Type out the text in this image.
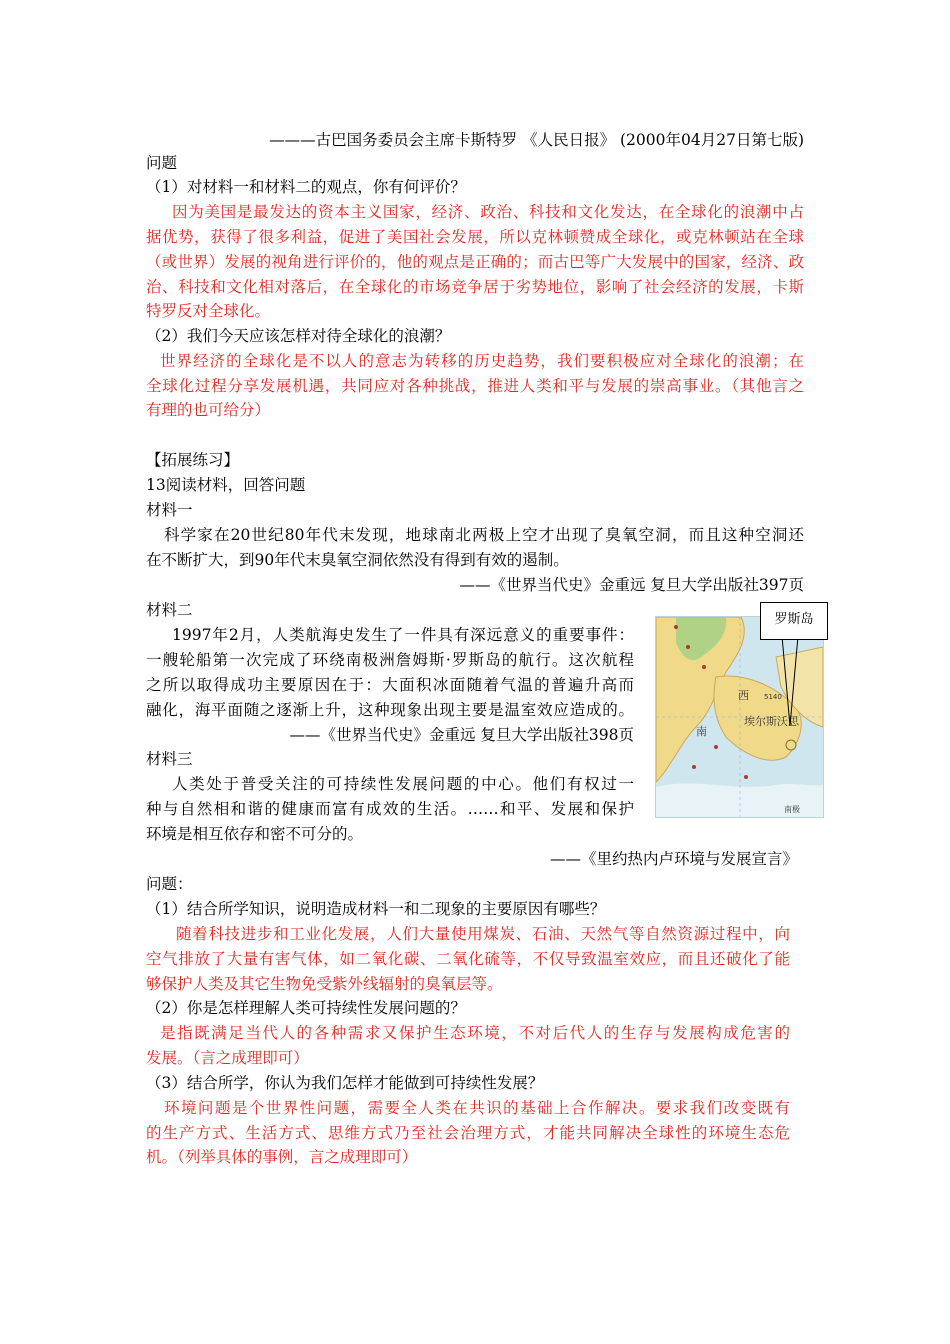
———古巴国务委员会主席卡斯特罗 《人民日报》 (2000年04月27日第七版)
问题
（1）对材料一和材料二的观点，你有何评价？
因为美国是最发达的资本主义国家，经济、政治、科技和文化发达，在全球化的浪潮中占
据优势，获得了很多利益，促进了美国社会发展，所以克林顿赞成全球化，或克林顿站在全球
（或世界）发展的视角进行评价的，他的观点是正确的；而古巴等广大发展中的国家，经济、政
治、科技和文化相对落后，在全球化的市场竞争居于劣势地位，影响了社会经济的发展，卡斯
特罗反对全球化。
（2）我们今天应该怎样对待全球化的浪潮？
世界经济的全球化是不以人的意志为转移的历史趋势，我们要积极应对全球化的浪潮；在
全球化过程分享发展机遇，共同应对各种挑战，推进人类和平与发展的崇高事业。（其他言之
有理的也可给分）
【拓展练习】
13阅读材料，回答问题
材料一
科学家在20世纪80年代末发现，地球南北两极上空才出现了臭氧空洞，而且这种空洞还
在不断扩大，到90年代末臭氧空洞依然没有得到有效的遏制。
——《世界当代史》金重远 复旦大学出版社397页
材料二
1997年2月，人类航海史发生了一件具有深远意义的重要事件：
一艘轮船第一次完成了环绕南极洲詹姆斯·罗斯岛的航行。这次航程
之所以取得成功主要原因在于：大面积冰面随着气温的普遍升高而
融化，海平面随之逐渐上升，这种现象出现主要是温室效应造成的。
——《世界当代史》金重远 复旦大学出版社398页
材料三
人类处于普受关注的可持续性发展问题的中心。他们有权过一
种与自然相和谐的健康而富有成效的生活。……和平、发展和保护
环境是相互依存和密不可分的。
——《里约热内卢环境与发展宣言》
西 5140
埃尔斯沃思
南
南极
罗斯岛
问题：
（1）结合所学知识，说明造成材料一和二现象的主要原因有哪些？
随着科技进步和工业化发展，人们大量使用煤炭、石油、天然气等自然资源过程中，向
空气排放了大量有害气体，如二氧化碳、二氧化硫等，不仅导致温室效应，而且还破化了能
够保护人类及其它生物免受紫外线辐射的臭氧层等。
（2）你是怎样理解人类可持续性发展问题的？
是指既满足当代人的各种需求又保护生态环境，不对后代人的生存与发展构成危害的
发展。（言之成理即可）
（3）结合所学，你认为我们怎样才能做到可持续性发展？
环境问题是个世界性问题，需要全人类在共识的基础上合作解决。要求我们改变既有
的生产方式、生活方式、思维方式乃至社会治理方式，才能共同解决全球性的环境生态危
机。（列举具体的事例，言之成理即可）
